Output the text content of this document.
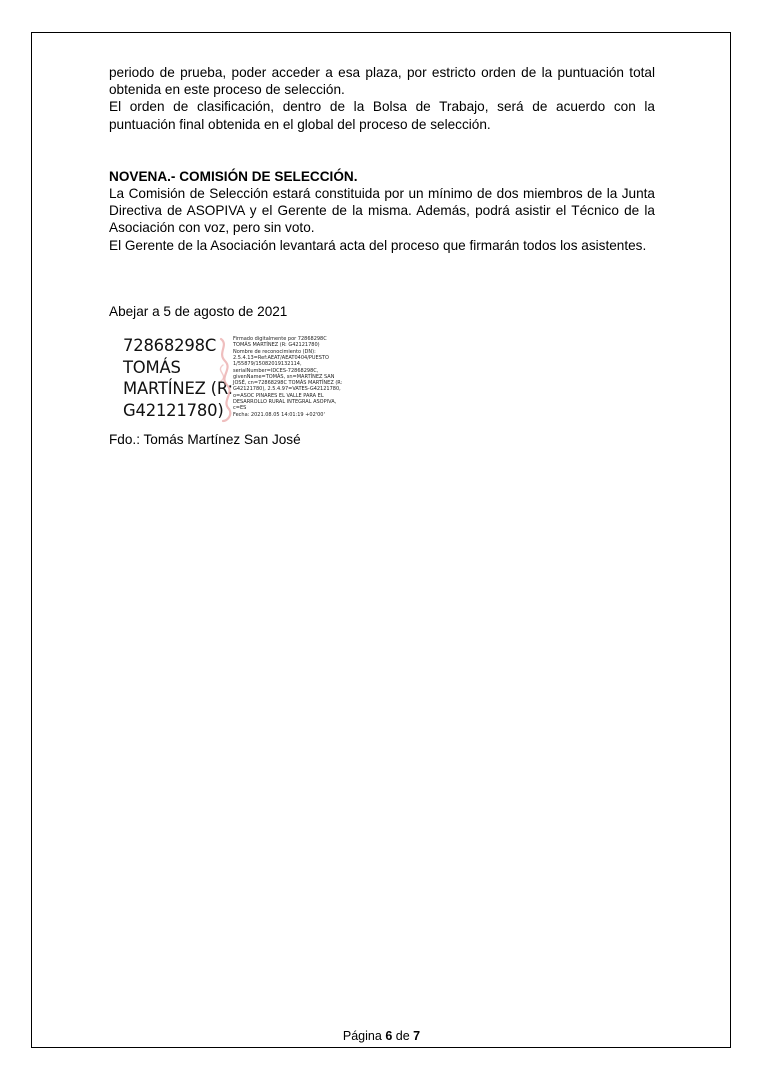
periodo de prueba, poder acceder a esa plaza, por estricto orden de la puntuación total obtenida en este proceso de selección.

El orden de clasificación, dentro de la Bolsa de Trabajo, será de acuerdo con la puntuación final obtenida en el global del proceso de selección.

NOVENA.- COMISIÓN DE SELECCIÓN.

La Comisión de Selección estará constituida por un mínimo de dos miembros de la Junta Directiva de ASOPIVA y el Gerente de la misma. Además, podrá asistir el Técnico de la Asociación con voz, pero sin voto.

El Gerente de la Asociación levantará acta del proceso que firmarán todos los asistentes.

Abejar a 5 de agosto de 2021

72868298C
TOMÁS
MARTÍNEZ (R:
G42121780)
Firmado digitalmente por 72868298C
TOMÁS MARTÍNEZ (R: G42121780)
Nombre de reconocimiento (DN):
2.5.4.13=Ref:AEAT/AEAT0404/PUESTO
1/55879/15082019132114,
serialNumber=IDCES-72868298C,
givenName=TOMÁS, sn=MARTÍNEZ SAN
JOSÉ, cn=72868298C TOMÁS MARTÍNEZ (R:
G42121780), 2.5.4.97=VATES-G42121780,
o=ASOC PINARES EL VALLE PARA EL
DESARROLLO RURAL INTEGRAL ASOPIVA,
c=ES
Fecha: 2021.08.05 14:01:19 +02'00'

Fdo.: Tomás Martínez San José

Página 6 de 7
